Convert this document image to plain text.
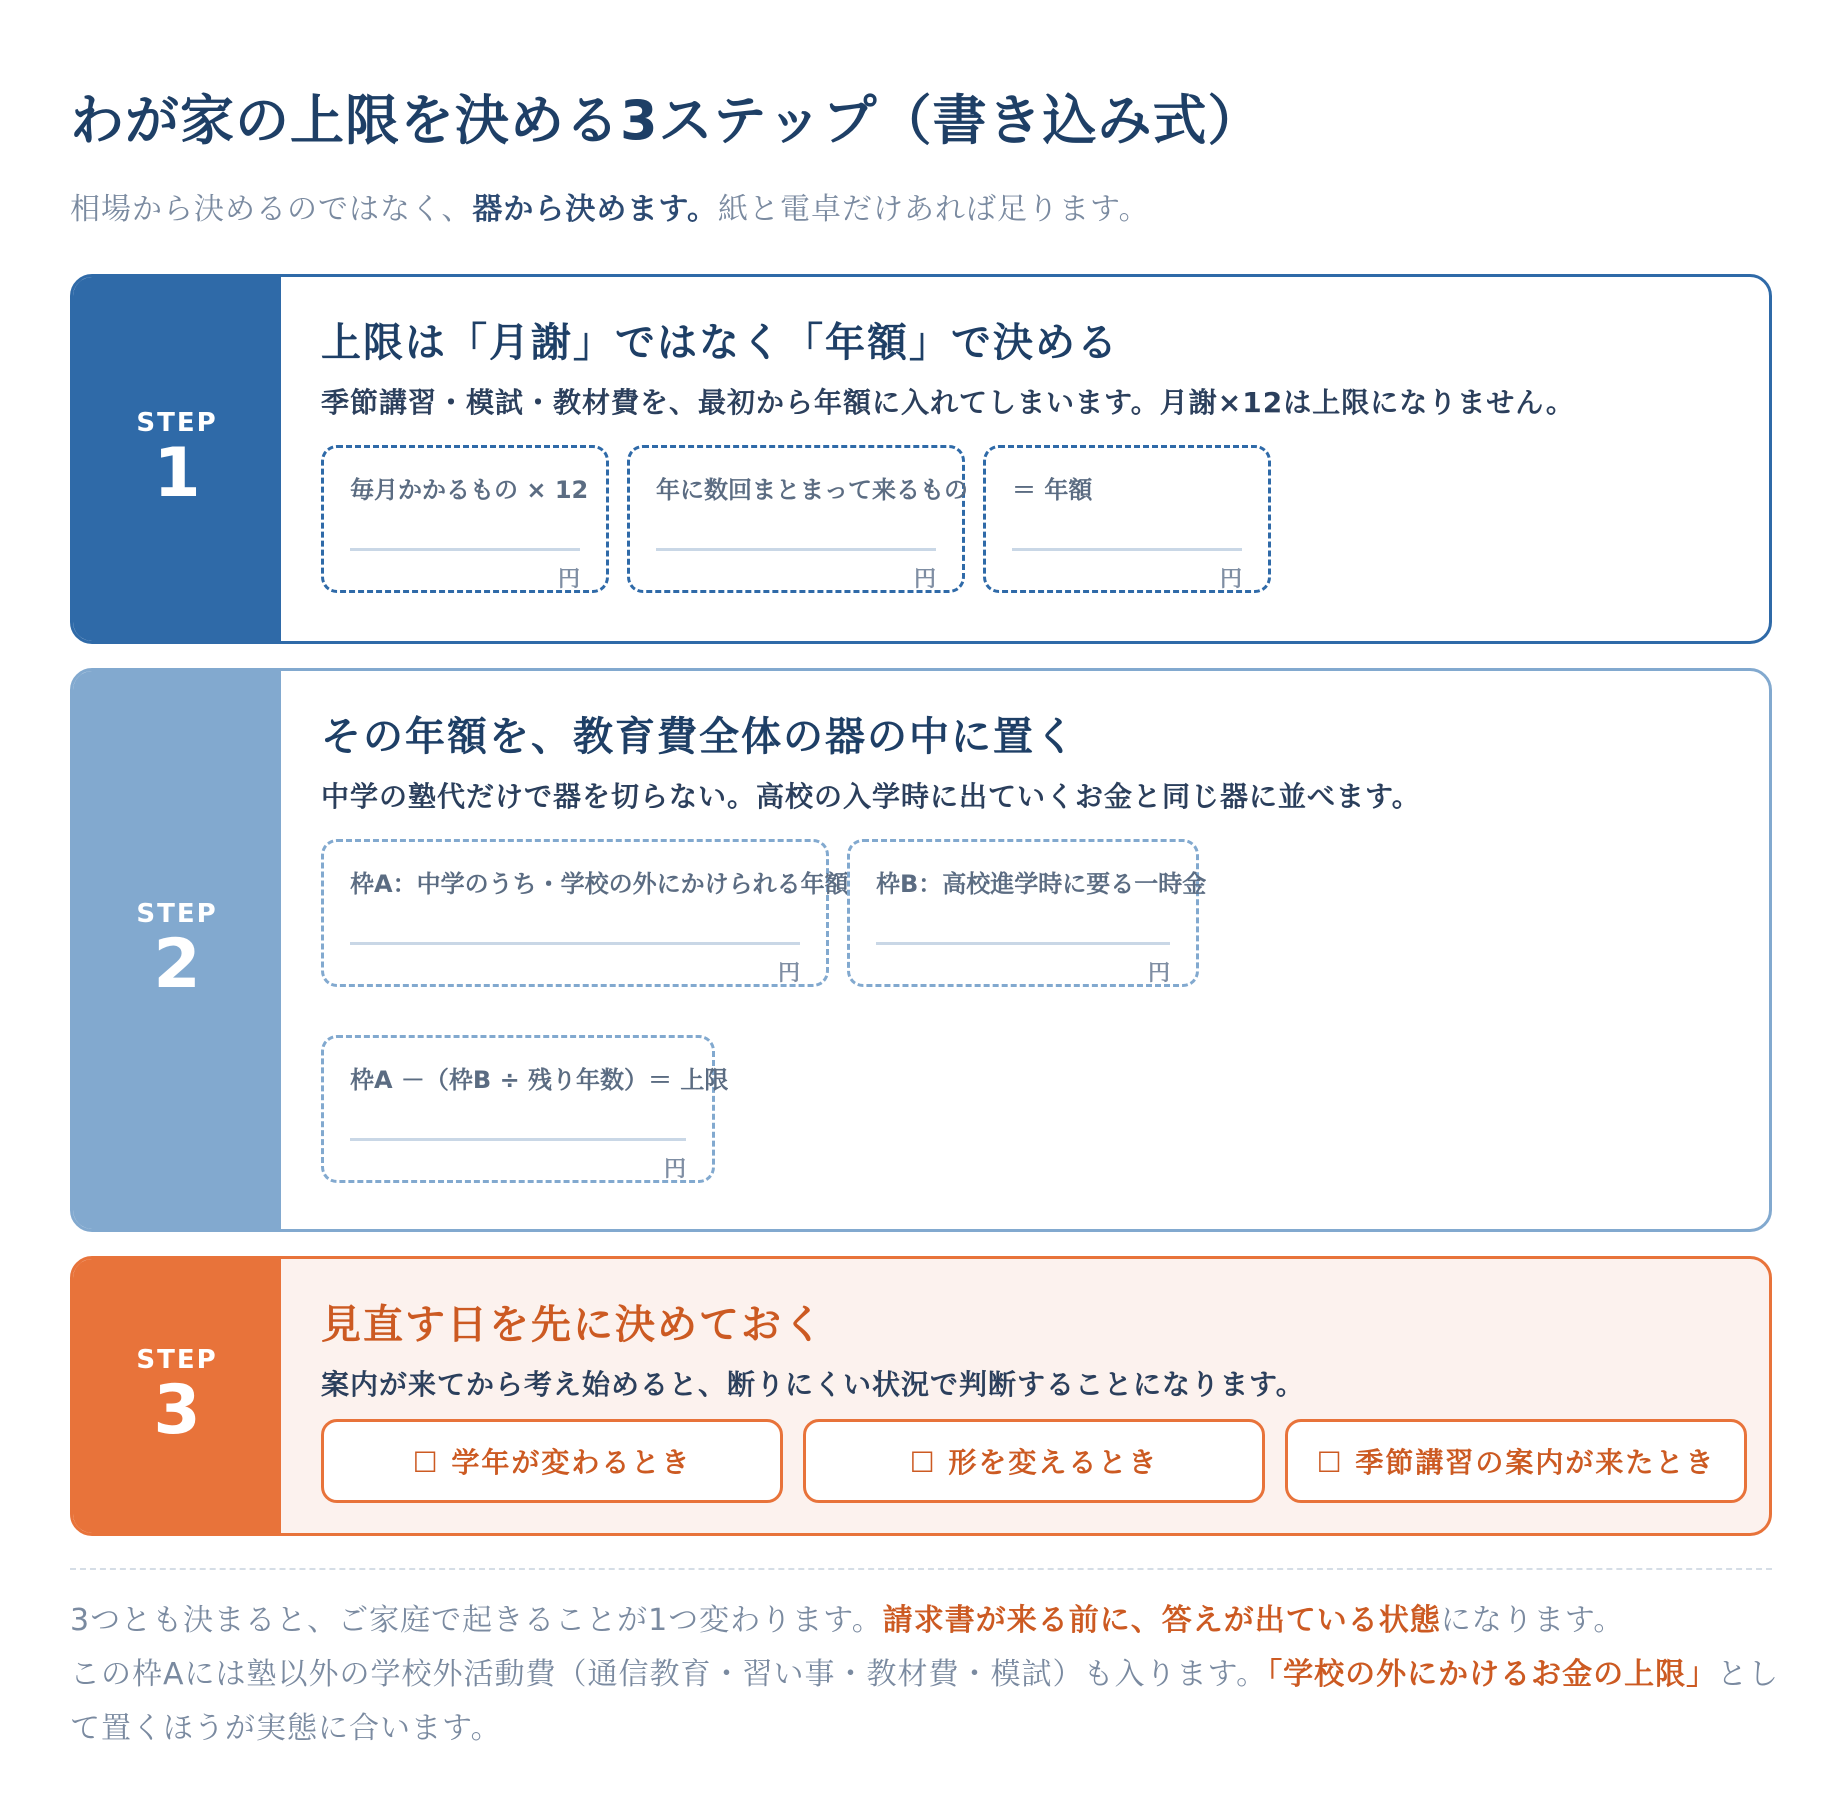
わが家の上限を決める3ステップ（書き込み式）

相場から決めるのではなく、器から決めます。紙と電卓だけあれば足ります。

STEP
1
上限は「月謝」ではなく「年額」で決める

季節講習・模試・教材費を、最初から年額に入れてしまいます。月謝×12は上限になりません。

毎月かかるもの × 12
円
年に数回まとまって来るもの
円
＝ 年額
円
STEP
2
その年額を、教育費全体の器の中に置く

中学の塾代だけで器を切らない。高校の入学時に出ていくお金と同じ器に並べます。

枠A：中学のうち・学校の外にかけられる年額
円
枠B：高校進学時に要る一時金
円
枠A －（枠B ÷ 残り年数）＝ 上限
円
STEP
3
見直す日を先に決めておく

案内が来てから考え始めると、断りにくい状況で判断することになります。

☐ 学年が変わるとき	☐ 形を変えるとき	☐ 季節講習の案内が来たとき

3つとも決まると、ご家庭で起きることが1つ変わります。請求書が来る前に、答えが出ている状態になります。
この枠Aには塾以外の学校外活動費（通信教育・習い事・教材費・模試）も入ります。「学校の外にかけるお金の上限」として置くほうが実態に合います。
